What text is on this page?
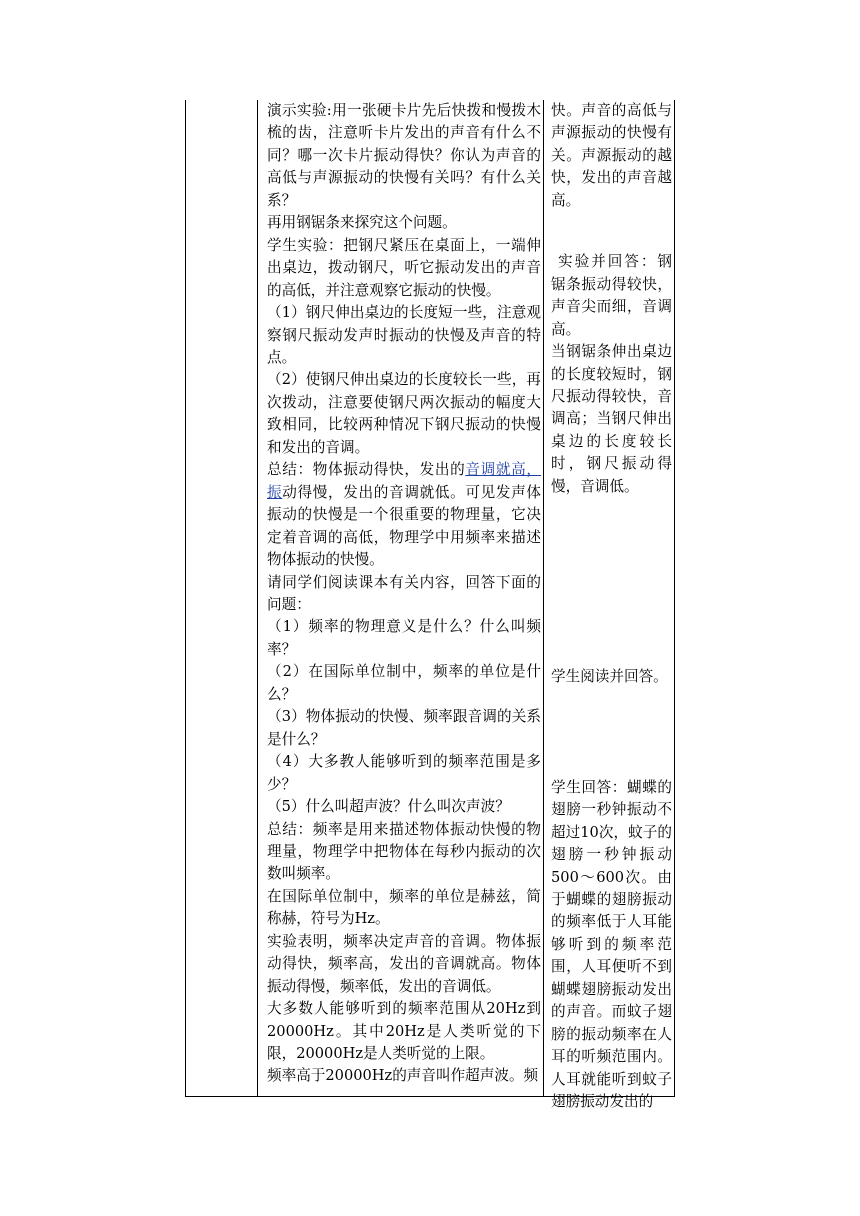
演示实验:用一张硬卡片先后快拨和慢拨木梳的齿，注意听卡片发出的声音有什么不同？哪一次卡片振动得快？你认为声音的高低与声源振动的快慢有关吗？有什么关系？

再用钢锯条来探究这个问题。

学生实验：把钢尺紧压在桌面上，一端伸出桌边，拨动钢尺，听它振动发出的声音的高低，并注意观察它振动的快慢。

（1）钢尺伸出桌边的长度短一些，注意观察钢尺振动发声时振动的快慢及声音的特点。

（2）使钢尺伸出桌边的长度较长一些，再次拨动，注意要使钢尺两次振动的幅度大致相同，比较两种情况下钢尺振动的快慢和发出的音调。

总结：物体振动得快，发出的音调就高，振动得慢，发出的音调就低。可见发声体振动的快慢是一个很重要的物理量，它决定着音调的高低，物理学中用频率来描述物体振动的快慢。

请同学们阅读课本有关内容，回答下面的问题：

（1）频率的物理意义是什么？什么叫频率？

（2）在国际单位制中，频率的单位是什么？

（3）物体振动的快慢、频率跟音调的关系是什么？

（4）大多教人能够听到的频率范围是多少？

（5）什么叫超声波？什么叫次声波？

总结：频率是用来描述物体振动快慢的物理量，物理学中把物体在每秒内振动的次数叫频率。

在国际单位制中，频率的单位是赫兹，简称赫，符号为Hz。

实验表明，频率决定声音的音调。物体振动得快，频率高，发出的音调就高。物体振动得慢，频率低，发出的音调低。

大多数人能够听到的频率范围从20Hz到20000Hz。其中20Hz是人类听觉的下限，20000Hz是人类听觉的上限。

频率高于20000Hz的声音叫作超声波。频

快。声音的高低与声源振动的快慢有关。声源振动的越快，发出的声音越高。

实验并回答：钢锯条振动得较快，声音尖而细，音调高。

当钢锯条伸出桌边的长度较短时，钢尺振动得较快，音调高；当钢尺伸出桌边的长度较长时，钢尺振动得慢，音调低。

学生阅读并回答。

学生回答：蝴蝶的翅膀一秒钟振动不超过10次，蚊子的翅膀一秒钟振动500～600次。由于蝴蝶的翅膀振动的频率低于人耳能够听到的频率范围，人耳便听不到蝴蝶翅膀振动发出的声音。而蚊子翅膀的振动频率在人耳的听频范围内。人耳就能听到蚊子翅膀振动发出的
